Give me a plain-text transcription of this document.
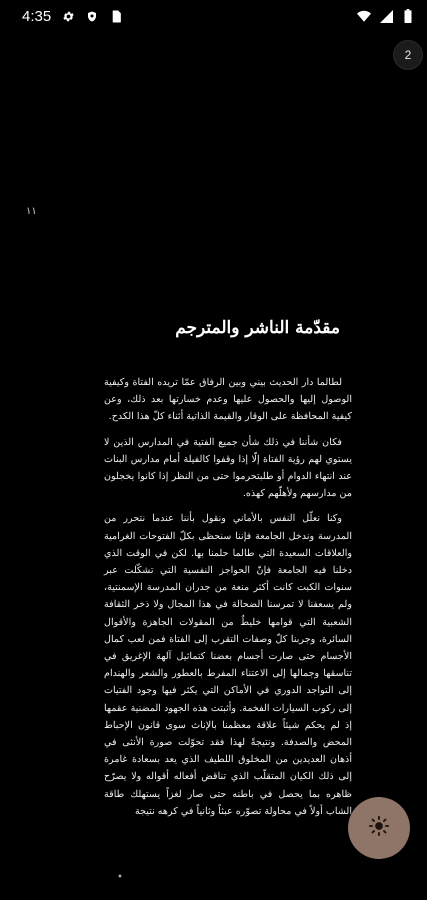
4:35
2
١١
•
مقدّمة الناشر والمترجم

لطالما دار الحديث بيني وبين الرفاق عمّا تريده الفتاة وكيفية الوصول إليها والحصول عليها وعدم خسارتها بعد ذلك، وعن كيفية المحافظة على الوقار والقيمة الذاتية أثناء كلّ هذا الكدح.

فكان شأننا في ذلك شأن جميع الفتية في المدارس الذين لا يستوي لهم رؤية الفتاة إلّا إذا وقفوا كالفيلة أمام مدارس البنات عند انتهاء الدوام أو طلبتحرموا حتى من النظر إذا كانوا يخجلون من مدارسهم ولأهلّهم كهذه.

وكنا نعلّل النفس بالأماني ونقول بأننا عندما نتحرر من المدرسة وندخل الجامعة فإننا سنحظى بكلّ الفتوحات الغرامية والعلاقات السعيدة التي طالما حلمنا بها. لكن في الوقت الذي دخلنا فيه الجامعة فإنّ الحواجز النفسية التي تشكّلت عبر سنوات الكبت كانت أكثر منعة من جدران المدرسة الإسمنتية، ولم يسعفنا لا تمرسنا الضحالة في هذا المجال ولا ذخر الثقافة الشعبية التي قوامها خليطٌ من المقولات الجاهزة والأقوال السائرة، وجربنا كلّ وصفات التقرب إلى الفتاة فمن لعب كمال الأجسام حتى صارت أجسام بعضنا كتماثيل آلهة الإغريق في تناسقها وجمالها إلى الاعتناء المفرط بالعطور والشعر والهندام إلى التواجد الدوري في الأماكن التي يكثر فيها وجود الفتيات إلى ركوب السيارات الفخمة. وأثبتت هذه الجهود المضنية عقمها إذ لم يحكم شيئاً علاقة معظمنا بالإناث سوى قانون الإحباط المحض والصدفة. ونتيجةً لهذا فقد تحوّلت صورة الأنثى في أذهان العديدين من المخلوق اللطيف الذي يعد بسعادة غامرة إلى ذلك الكيان المتقلّب الذي تناقض أفعاله أقواله ولا يصرّح ظاهره بما يحصل في باطنه حتى صار لغزاً يستهلك طاقة الشاب أولاً في محاولة تصوّره عبثاً وثانياً في كرهه نتيجة
